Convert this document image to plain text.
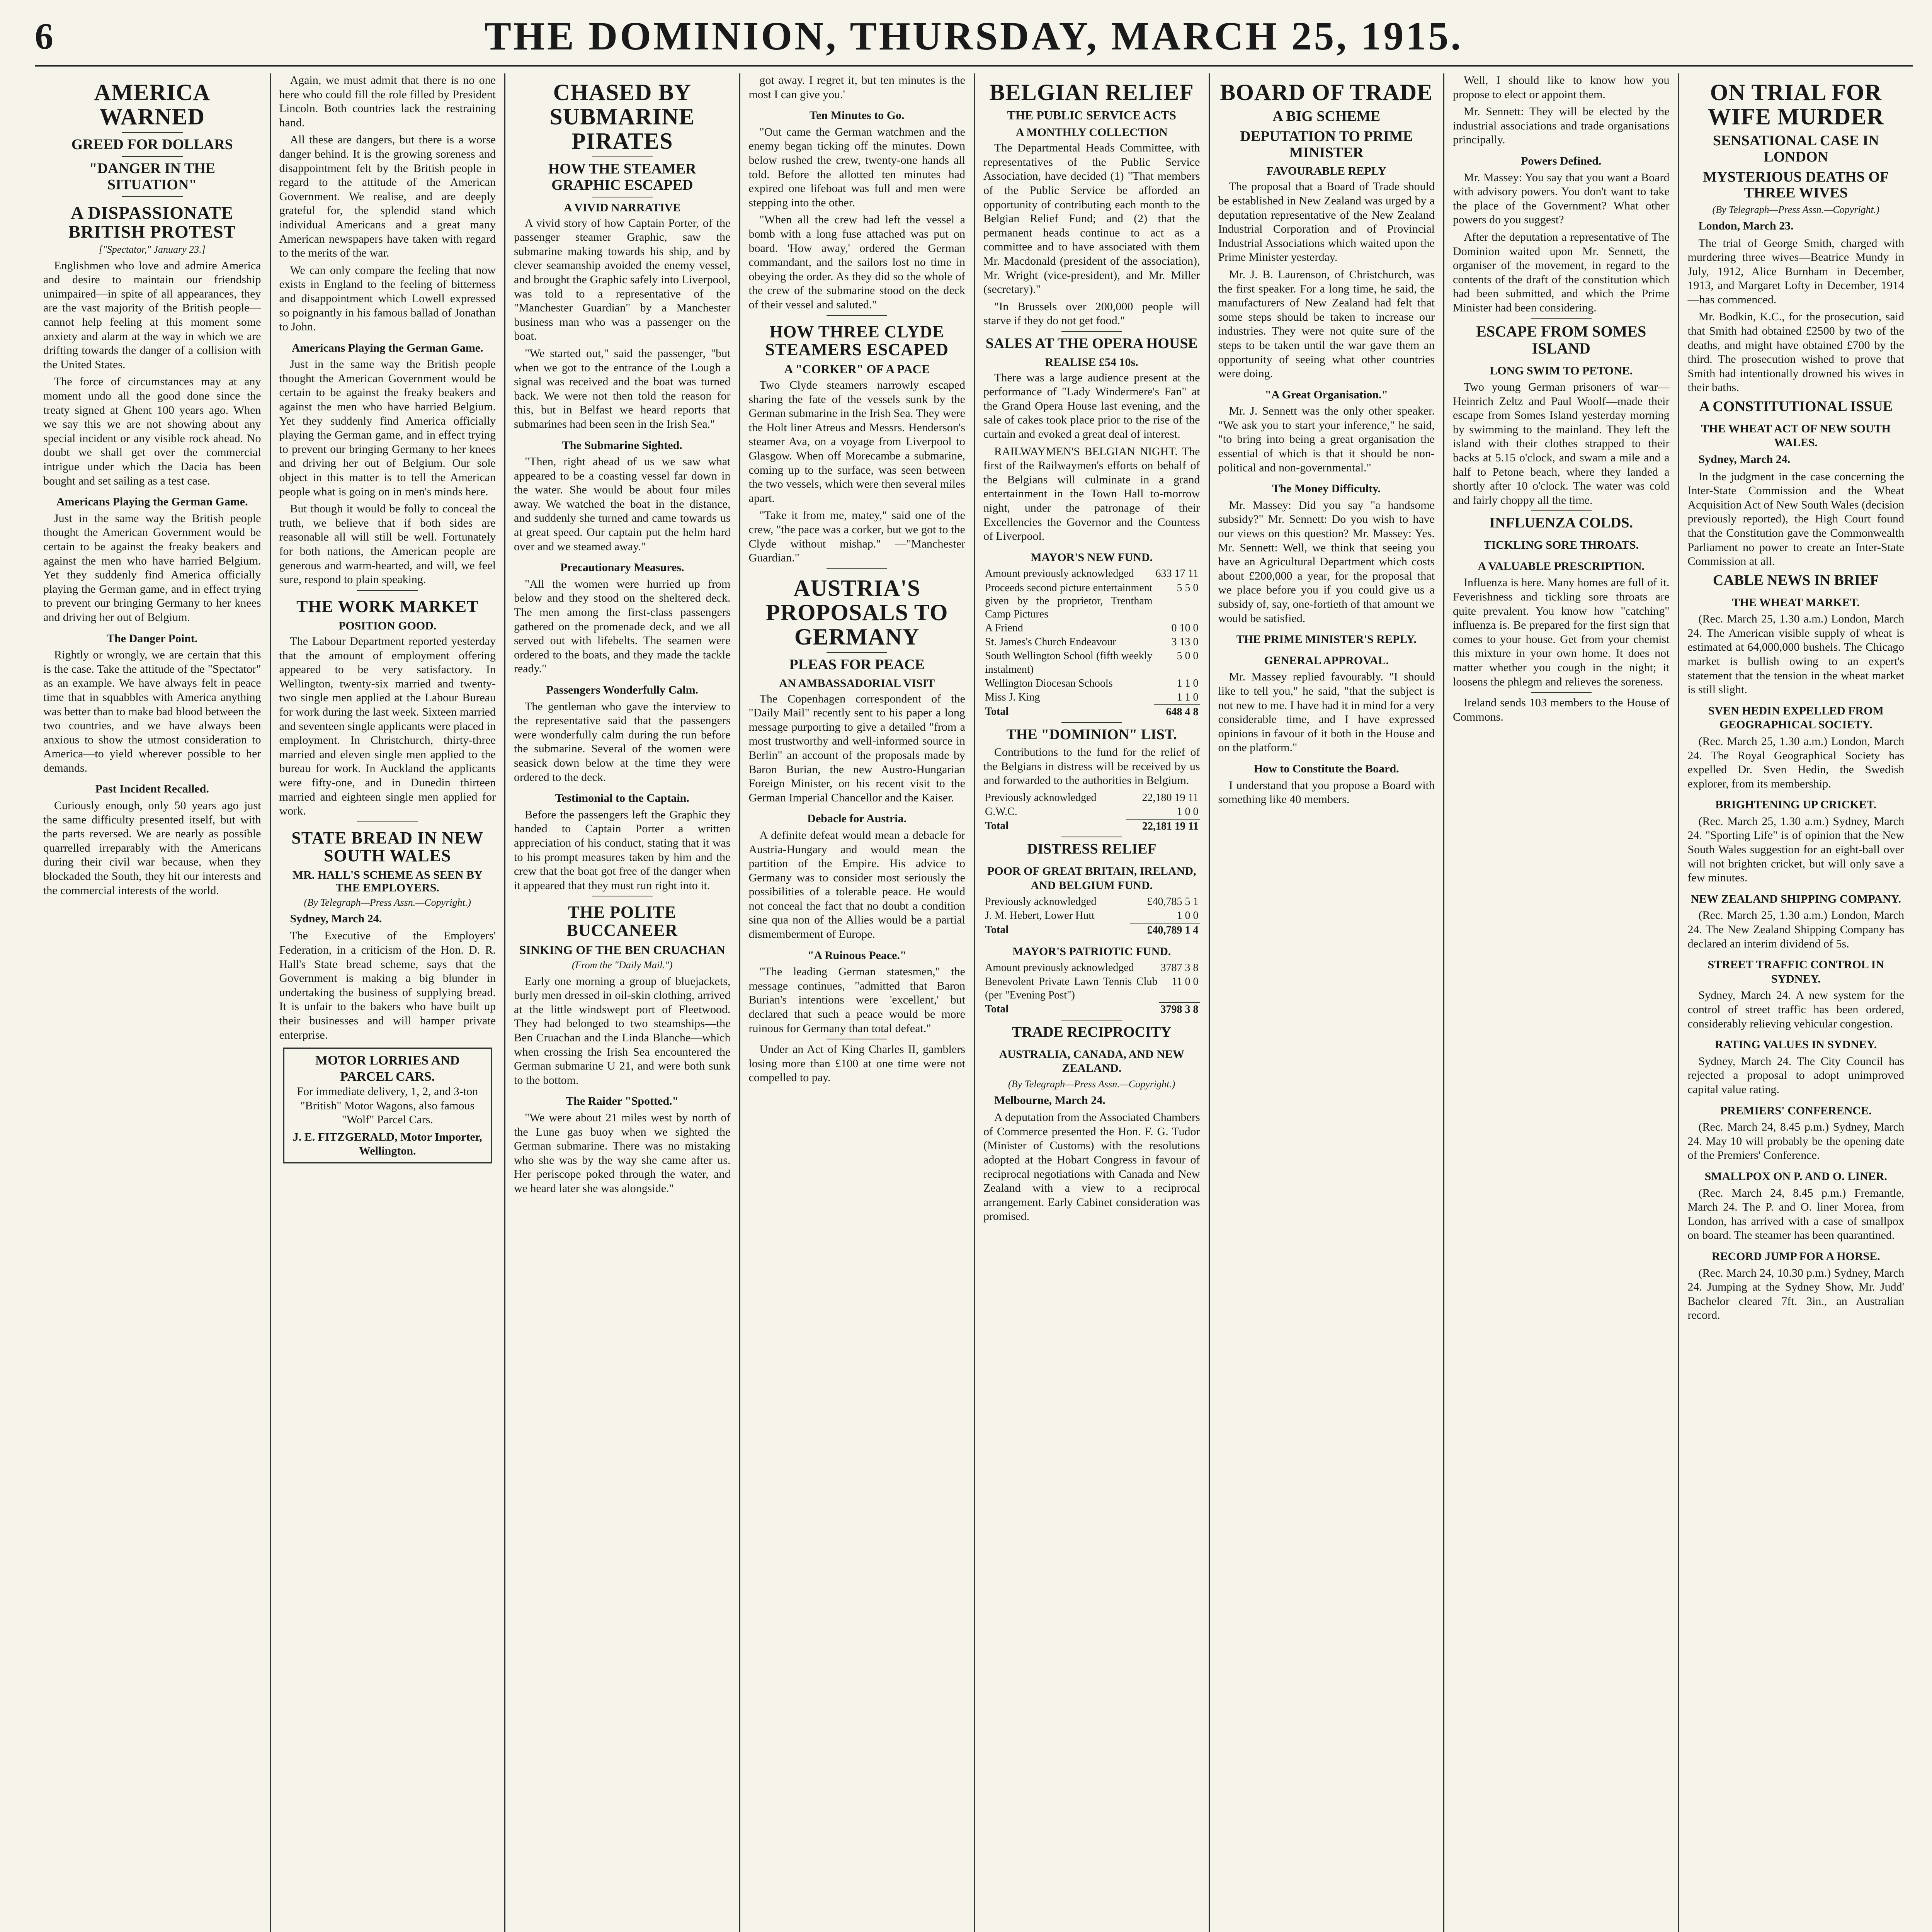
6	THE DOMINION, THURSDAY, MARCH 25, 1915.
AMERICA WARNED
GREED FOR DOLLARS
"DANGER IN THE SITUATION"
A DISPASSIONATE BRITISH PROTEST
["Spectator," January 23.]

Englishmen who love and admire America and desire to maintain our friendship unimpaired—in spite of all appearances, they are the vast majority of the British people—cannot help feeling at this moment some anxiety and alarm at the way in which we are drifting towards the danger of a collision with the United States.

The force of circumstances may at any moment undo all the good done since the treaty signed at Ghent 100 years ago. When we say this we are not showing about any special incident or any visible rock ahead. No doubt we shall get over the commercial intrigue under which the Dacia has been bought and set sailing as a test case.

Americans Playing the German Game.

Just in the same way the British people thought the American Government would be certain to be against the freaky beakers and against the men who have harried Belgium. Yet they suddenly find America officially playing the German game, and in effect trying to prevent our bringing Germany to her knees and driving her out of Belgium.

The Danger Point.

Rightly or wrongly, we are certain that this is the case. Take the attitude of the "Spectator" as an example. We have always felt in peace time that in squabbles with America anything was better than to make bad blood between the two countries, and we have always been anxious to show the utmost consideration to America—to yield wherever possible to her demands.

Past Incident Recalled.

Curiously enough, only 50 years ago just the same difficulty presented itself, but with the parts reversed. We are nearly as possible quarrelled irreparably with the Americans during their civil war because, when they blockaded the South, they hit our interests and the commercial interests of the world.

Again, we must admit that there is no one here who could fill the role filled by President Lincoln. Both countries lack the restraining hand.

All these are dangers, but there is a worse danger behind. It is the growing soreness and disappointment felt by the British people in regard to the attitude of the American Government. We realise, and are deeply grateful for, the splendid stand which individual Americans and a great many American newspapers have taken with regard to the merits of the war.

We can only compare the feeling that now exists in England to the feeling of bitterness and disappointment which Lowell expressed so poignantly in his famous ballad of Jonathan to John.

Americans Playing the German Game.

Just in the same way the British people thought the American Government would be certain to be against the freaky beakers and against the men who have harried Belgium. Yet they suddenly find America officially playing the German game, and in effect trying to prevent our bringing Germany to her knees and driving her out of Belgium. Our sole object in this matter is to tell the American people what is going on in men's minds here.

But though it would be folly to conceal the truth, we believe that if both sides are reasonable all will still be well. Fortunately for both nations, the American people are generous and warm-hearted, and will, we feel sure, respond to plain speaking.

THE WORK MARKET
POSITION GOOD.

The Labour Department reported yesterday that the amount of employment offering appeared to be very satisfactory. In Wellington, twenty-six married and twenty-two single men applied at the Labour Bureau for work during the last week. Sixteen married and seventeen single applicants were placed in employment. In Christchurch, thirty-three married and eleven single men applied to the bureau for work. In Auckland the applicants were fifty-one, and in Dunedin thirteen married and eighteen single men applied for work.

STATE BREAD IN NEW SOUTH WALES
MR. HALL'S SCHEME AS SEEN BY THE EMPLOYERS.
(By Telegraph—Press Assn.—Copyright.)

Sydney, March 24.

The Executive of the Employers' Federation, in a criticism of the Hon. D. R. Hall's State bread scheme, says that the Government is making a big blunder in undertaking the business of supplying bread. It is unfair to the bakers who have built up their businesses and will hamper private enterprise.

MOTOR LORRIES AND PARCEL CARS.
For immediate delivery, 1, 2, and 3-ton "British" Motor Wagons, also famous "Wolf" Parcel Cars.
J. E. FITZGERALD, Motor Importer, Wellington.
CHASED BY SUBMARINE PIRATES
HOW THE STEAMER GRAPHIC ESCAPED
A VIVID NARRATIVE

A vivid story of how Captain Porter, of the passenger steamer Graphic, saw the submarine making towards his ship, and by clever seamanship avoided the enemy vessel, and brought the Graphic safely into Liverpool, was told to a representative of the "Manchester Guardian" by a Manchester business man who was a passenger on the boat.

"We started out," said the passenger, "but when we got to the entrance of the Lough a signal was received and the boat was turned back. We were not then told the reason for this, but in Belfast we heard reports that submarines had been seen in the Irish Sea."

The Submarine Sighted.

"Then, right ahead of us we saw what appeared to be a coasting vessel far down in the water. She would be about four miles away. We watched the boat in the distance, and suddenly she turned and came towards us at great speed. Our captain put the helm hard over and we steamed away."

Precautionary Measures.

"All the women were hurried up from below and they stood on the sheltered deck. The men among the first-class passengers gathered on the promenade deck, and we all served out with lifebelts. The seamen were ordered to the boats, and they made the tackle ready."

Passengers Wonderfully Calm.

The gentleman who gave the interview to the representative said that the passengers were wonderfully calm during the run before the submarine. Several of the women were seasick down below at the time they were ordered to the deck.

Testimonial to the Captain.

Before the passengers left the Graphic they handed to Captain Porter a written appreciation of his conduct, stating that it was to his prompt measures taken by him and the crew that the boat got free of the danger when it appeared that they must run right into it.

THE POLITE BUCCANEER
SINKING OF THE BEN CRUACHAN
(From the "Daily Mail.")

Early one morning a group of bluejackets, burly men dressed in oil-skin clothing, arrived at the little windswept port of Fleetwood. They had belonged to two steamships—the Ben Cruachan and the Linda Blanche—which when crossing the Irish Sea encountered the German submarine U 21, and were both sunk to the bottom.

The Raider "Spotted."

"We were about 21 miles west by north of the Lune gas buoy when we sighted the German submarine. There was no mistaking who she was by the way she came after us. Her periscope poked through the water, and we heard later she was alongside."

got away. I regret it, but ten minutes is the most I can give you.'

Ten Minutes to Go.

"Out came the German watchmen and the enemy began ticking off the minutes. Down below rushed the crew, twenty-one hands all told. Before the allotted ten minutes had expired one lifeboat was full and men were stepping into the other.

"When all the crew had left the vessel a bomb with a long fuse attached was put on board. 'How away,' ordered the German commandant, and the sailors lost no time in obeying the order. As they did so the whole of the crew of the submarine stood on the deck of their vessel and saluted."

HOW THREE CLYDE STEAMERS ESCAPED
A "CORKER" OF A PACE

Two Clyde steamers narrowly escaped sharing the fate of the vessels sunk by the German submarine in the Irish Sea. They were the Holt liner Atreus and Messrs. Henderson's steamer Ava, on a voyage from Liverpool to Glasgow. When off Morecambe a submarine, coming up to the surface, was seen between the two vessels, which were then several miles apart.

"Take it from me, matey," said one of the crew, "the pace was a corker, but we got to the Clyde without mishap." —"Manchester Guardian."

AUSTRIA'S PROPOSALS TO GERMANY
PLEAS FOR PEACE
AN AMBASSADORIAL VISIT

The Copenhagen correspondent of the "Daily Mail" recently sent to his paper a long message purporting to give a detailed "from a most trustworthy and well-informed source in Berlin" an account of the proposals made by Baron Burian, the new Austro-Hungarian Foreign Minister, on his recent visit to the German Imperial Chancellor and the Kaiser.

Debacle for Austria.

A definite defeat would mean a debacle for Austria-Hungary and would mean the partition of the Empire. His advice to Germany was to consider most seriously the possibilities of a tolerable peace. He would not conceal the fact that no doubt a condition sine qua non of the Allies would be a partial dismemberment of Europe.

"A Ruinous Peace."

"The leading German statesmen," the message continues, "admitted that Baron Burian's intentions were 'excellent,' but declared that such a peace would be more ruinous for Germany than total defeat."

Under an Act of King Charles II, gamblers losing more than £100 at one time were not compelled to pay.

BELGIAN RELIEF
THE PUBLIC SERVICE ACTS
A MONTHLY COLLECTION

The Departmental Heads Committee, with representatives of the Public Service Association, have decided (1) "That members of the Public Service be afforded an opportunity of contributing each month to the Belgian Relief Fund; and (2) that the permanent heads continue to act as a committee and to have associated with them Mr. Macdonald (president of the association), Mr. Wright (vice-president), and Mr. Miller (secretary)."

"In Brussels over 200,000 people will starve if they do not get food."

SALES AT THE OPERA HOUSE
REALISE £54 10s.

There was a large audience present at the performance of "Lady Windermere's Fan" at the Grand Opera House last evening, and the sale of cakes took place prior to the rise of the curtain and evoked a great deal of interest.

RAILWAYMEN'S BELGIAN NIGHT. The first of the Railwaymen's efforts on behalf of the Belgians will culminate in a grand entertainment in the Town Hall to-morrow night, under the patronage of their Excellencies the Governor and the Countess of Liverpool.

MAYOR'S NEW FUND.
Amount previously acknowledged	633 17 11
Proceeds second picture entertainment given by the proprietor, Trentham Camp Pictures	5 5 0
A Friend	0 10 0
St. James's Church Endeavour	3 13 0
South Wellington School (fifth weekly instalment)	5 0 0
Wellington Diocesan Schools	1 1 0
Miss J. King	1 1 0
Total	648 4 8
THE "DOMINION" LIST.

Contributions to the fund for the relief of the Belgians in distress will be received by us and forwarded to the authorities in Belgium.

Previously acknowledged	22,180 19 11
G.W.C.	1 0 0
Total	22,181 19 11
DISTRESS RELIEF
POOR OF GREAT BRITAIN, IRELAND, AND BELGIUM FUND.
Previously acknowledged	£40,785 5 1
J. M. Hebert, Lower Hutt	1 0 0
Total	£40,789 1 4
MAYOR'S PATRIOTIC FUND.
Amount previously acknowledged	3787 3 8
Benevolent Private Lawn Tennis Club (per "Evening Post")	11 0 0
Total	3798 3 8
TRADE RECIPROCITY
AUSTRALIA, CANADA, AND NEW ZEALAND.
(By Telegraph—Press Assn.—Copyright.)

Melbourne, March 24.

A deputation from the Associated Chambers of Commerce presented the Hon. F. G. Tudor (Minister of Customs) with the resolutions adopted at the Hobart Congress in favour of reciprocal negotiations with Canada and New Zealand with a view to a reciprocal arrangement. Early Cabinet consideration was promised.

BOARD OF TRADE
A BIG SCHEME
DEPUTATION TO PRIME MINISTER
FAVOURABLE REPLY

The proposal that a Board of Trade should be established in New Zealand was urged by a deputation representative of the New Zealand Industrial Corporation and of Provincial Industrial Associations which waited upon the Prime Minister yesterday.

Mr. J. B. Laurenson, of Christchurch, was the first speaker. For a long time, he said, the manufacturers of New Zealand had felt that some steps should be taken to increase our industries. They were not quite sure of the steps to be taken until the war gave them an opportunity of seeing what other countries were doing.

"A Great Organisation."

Mr. J. Sennett was the only other speaker. "We ask you to start your inference," he said, "to bring into being a great organisation the essential of which is that it should be non-political and non-governmental."

The Money Difficulty.

Mr. Massey: Did you say "a handsome subsidy?" Mr. Sennett: Do you wish to have our views on this question? Mr. Massey: Yes. Mr. Sennett: Well, we think that seeing you have an Agricultural Department which costs about £200,000 a year, for the proposal that we place before you if you could give us a subsidy of, say, one-fortieth of that amount we would be satisfied.

THE PRIME MINISTER'S REPLY.
GENERAL APPROVAL.

Mr. Massey replied favourably. "I should like to tell you," he said, "that the subject is not new to me. I have had it in mind for a very considerable time, and I have expressed opinions in favour of it both in the House and on the platform."

How to Constitute the Board.

I understand that you propose a Board with something like 40 members.

Well, I should like to know how you propose to elect or appoint them.

Mr. Sennett: They will be elected by the industrial associations and trade organisations principally.

Powers Defined.

Mr. Massey: You say that you want a Board with advisory powers. You don't want to take the place of the Government? What other powers do you suggest?

After the deputation a representative of The Dominion waited upon Mr. Sennett, the organiser of the movement, in regard to the contents of the draft of the constitution which had been submitted, and which the Prime Minister had been considering.

ESCAPE FROM SOMES ISLAND
LONG SWIM TO PETONE.

Two young German prisoners of war—Heinrich Zeltz and Paul Woolf—made their escape from Somes Island yesterday morning by swimming to the mainland. They left the island with their clothes strapped to their backs at 5.15 o'clock, and swam a mile and a half to Petone beach, where they landed a shortly after 10 o'clock. The water was cold and fairly choppy all the time.

INFLUENZA COLDS.
TICKLING SORE THROATS.
A VALUABLE PRESCRIPTION.

Influenza is here. Many homes are full of it. Feverishness and tickling sore throats are quite prevalent. You know how "catching" influenza is. Be prepared for the first sign that comes to your house. Get from your chemist this mixture in your own home. It does not matter whether you cough in the night; it loosens the phlegm and relieves the soreness.

Ireland sends 103 members to the House of Commons.

ON TRIAL FOR WIFE MURDER
SENSATIONAL CASE IN LONDON
MYSTERIOUS DEATHS OF THREE WIVES
(By Telegraph—Press Assn.—Copyright.)

London, March 23.

The trial of George Smith, charged with murdering three wives—Beatrice Mundy in July, 1912, Alice Burnham in December, 1913, and Margaret Lofty in December, 1914—has commenced.

Mr. Bodkin, K.C., for the prosecution, said that Smith had obtained £2500 by two of the deaths, and might have obtained £700 by the third. The prosecution wished to prove that Smith had intentionally drowned his wives in their baths.

A CONSTITUTIONAL ISSUE
THE WHEAT ACT OF NEW SOUTH WALES.

Sydney, March 24.

In the judgment in the case concerning the Inter-State Commission and the Wheat Acquisition Act of New South Wales (decision previously reported), the High Court found that the Constitution gave the Commonwealth Parliament no power to create an Inter-State Commission at all.

CABLE NEWS IN BRIEF
THE WHEAT MARKET.

(Rec. March 25, 1.30 a.m.) London, March 24. The American visible supply of wheat is estimated at 64,000,000 bushels. The Chicago market is bullish owing to an expert's statement that the tension in the wheat market is still slight.

SVEN HEDIN EXPELLED FROM GEOGRAPHICAL SOCIETY.

(Rec. March 25, 1.30 a.m.) London, March 24. The Royal Geographical Society has expelled Dr. Sven Hedin, the Swedish explorer, from its membership.

BRIGHTENING UP CRICKET.

(Rec. March 25, 1.30 a.m.) Sydney, March 24. "Sporting Life" is of opinion that the New South Wales suggestion for an eight-ball over will not brighten cricket, but will only save a few minutes.

NEW ZEALAND SHIPPING COMPANY.

(Rec. March 25, 1.30 a.m.) London, March 24. The New Zealand Shipping Company has declared an interim dividend of 5s.

STREET TRAFFIC CONTROL IN SYDNEY.

Sydney, March 24. A new system for the control of street traffic has been ordered, considerably relieving vehicular congestion.

RATING VALUES IN SYDNEY.

Sydney, March 24. The City Council has rejected a proposal to adopt unimproved capital value rating.

PREMIERS' CONFERENCE.

(Rec. March 24, 8.45 p.m.) Sydney, March 24. May 10 will probably be the opening date of the Premiers' Conference.

SMALLPOX ON P. AND O. LINER.

(Rec. March 24, 8.45 p.m.) Fremantle, March 24. The P. and O. liner Morea, from London, has arrived with a case of smallpox on board. The steamer has been quarantined.

RECORD JUMP FOR A HORSE.

(Rec. March 24, 10.30 p.m.) Sydney, March 24. Jumping at the Sydney Show, Mr. Judd' Bachelor cleared 7ft. 3in., an Australian record.
